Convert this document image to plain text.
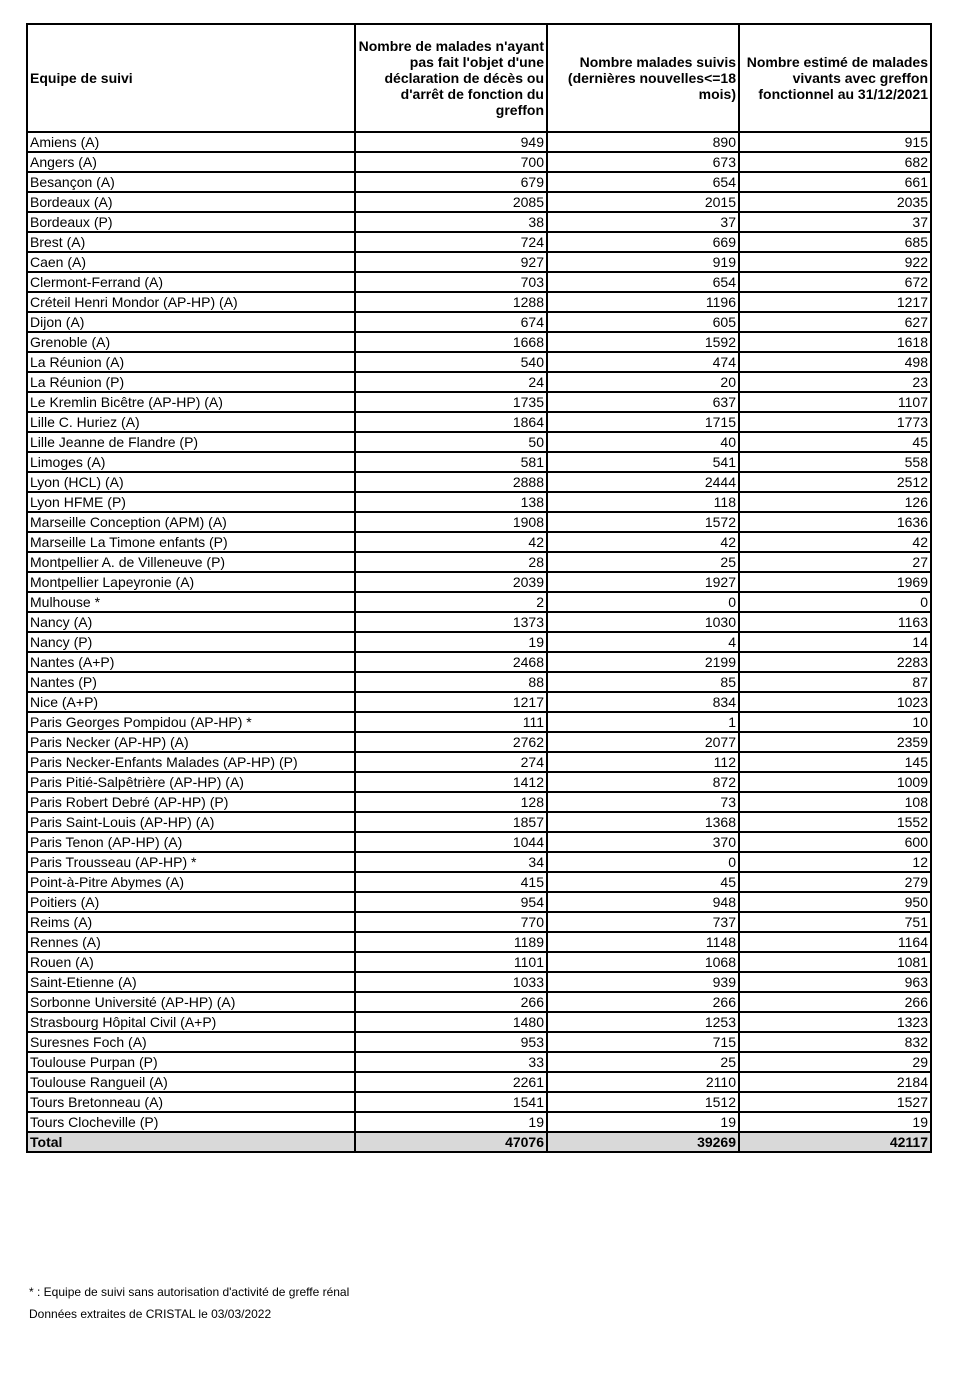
Equipe de suivi	Nombre de malades n'ayant pas fait l'objet d'une déclaration de décès ou d'arrêt de fonction du greffon	Nombre malades suivis (dernières nouvelles<=18 mois)	Nombre estimé de malades vivants avec greffon fonctionnel au 31/12/2021
Amiens (A)	949	890	915
Angers (A)	700	673	682
Besançon (A)	679	654	661
Bordeaux (A)	2085	2015	2035
Bordeaux (P)	38	37	37
Brest (A)	724	669	685
Caen (A)	927	919	922
Clermont-Ferrand (A)	703	654	672
Créteil Henri Mondor (AP-HP) (A)	1288	1196	1217
Dijon (A)	674	605	627
Grenoble (A)	1668	1592	1618
La Réunion (A)	540	474	498
La Réunion (P)	24	20	23
Le Kremlin Bicêtre (AP-HP) (A)	1735	637	1107
Lille C. Huriez (A)	1864	1715	1773
Lille Jeanne de Flandre (P)	50	40	45
Limoges (A)	581	541	558
Lyon (HCL) (A)	2888	2444	2512
Lyon HFME (P)	138	118	126
Marseille Conception (APM) (A)	1908	1572	1636
Marseille La Timone enfants (P)	42	42	42
Montpellier A. de Villeneuve (P)	28	25	27
Montpellier Lapeyronie (A)	2039	1927	1969
Mulhouse *	2	0	0
Nancy (A)	1373	1030	1163
Nancy (P)	19	4	14
Nantes (A+P)	2468	2199	2283
Nantes (P)	88	85	87
Nice (A+P)	1217	834	1023
Paris Georges Pompidou (AP-HP) *	111	1	10
Paris Necker (AP-HP) (A)	2762	2077	2359
Paris Necker-Enfants Malades (AP-HP) (P)	274	112	145
Paris Pitié-Salpêtrière (AP-HP) (A)	1412	872	1009
Paris Robert Debré (AP-HP) (P)	128	73	108
Paris Saint-Louis (AP-HP) (A)	1857	1368	1552
Paris Tenon (AP-HP) (A)	1044	370	600
Paris Trousseau (AP-HP) *	34	0	12
Point-à-Pitre Abymes (A)	415	45	279
Poitiers (A)	954	948	950
Reims (A)	770	737	751
Rennes (A)	1189	1148	1164
Rouen (A)	1101	1068	1081
Saint-Etienne (A)	1033	939	963
Sorbonne Université (AP-HP) (A)	266	266	266
Strasbourg Hôpital Civil (A+P)	1480	1253	1323
Suresnes Foch (A)	953	715	832
Toulouse Purpan (P)	33	25	29
Toulouse Rangueil (A)	2261	2110	2184
Tours Bretonneau (A)	1541	1512	1527
Tours Clocheville (P)	19	19	19
Total	47076	39269	42117
* : Equipe de suivi sans autorisation d'activité de greffe rénal
Données extraites de CRISTAL le 03/03/2022
